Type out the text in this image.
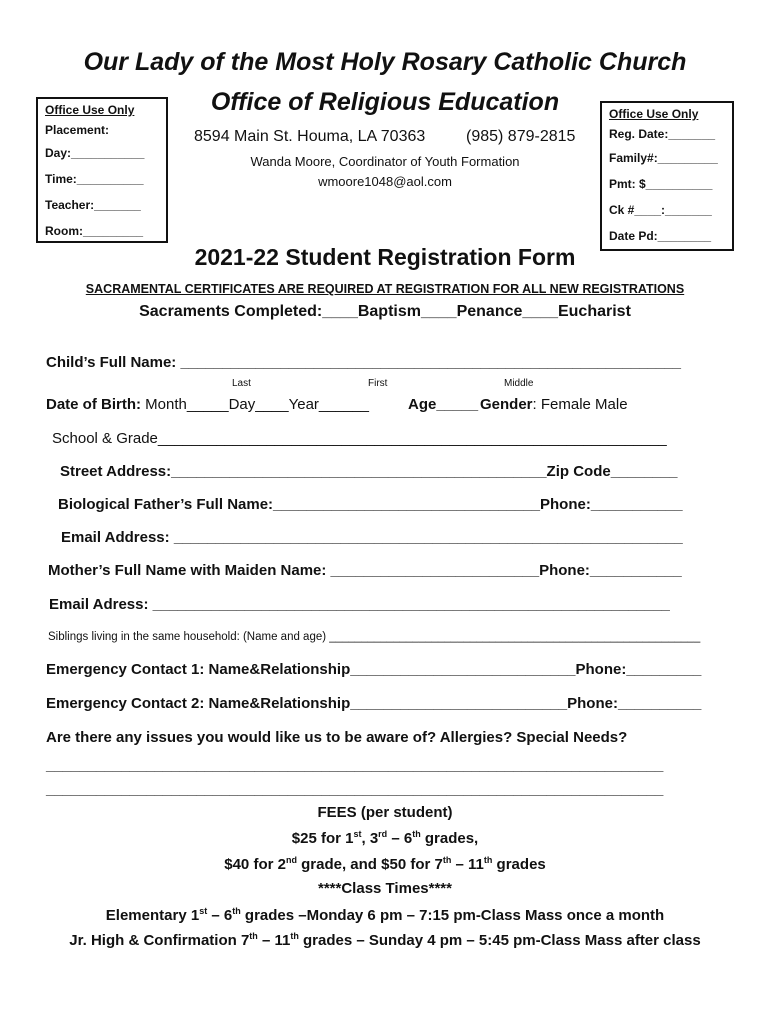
Our Lady of the Most Holy Rosary Catholic Church
Office of Religious Education
8594 Main St. Houma, LA 70363	(985) 879-2815
Wanda Moore, Coordinator of Youth Formation
wmoore1048@aol.com
Office Use Only
Placement:
Day:___________
Time:__________
Teacher:_______
Room:_________
Office Use Only
Reg. Date:_______
Family#:_________
Pmt: $__________
Ck #____:_______
Date Pd:________
2021-22 Student Registration Form
SACRAMENTAL CERTIFICATES ARE REQUIRED AT REGISTRATION FOR ALL NEW REGISTRATIONS
Sacraments Completed:____Baptism____Penance____Eucharist
Child’s Full Name: ____________________________________________________________
Last	First	Middle
Date of Birth: Month_____Day____Year______	Age_____ Gender: Female Male
School & Grade_____________________________________________________________
Street Address:_____________________________________________Zip Code________
Biological Father’s Full Name:________________________________Phone:___________
Email Address: _____________________________________________________________
Mother’s Full Name with Maiden Name: _________________________Phone:___________
Email Adress: ______________________________________________________________
Siblings living in the same household: (Name and age) __________________________________________________________
Emergency Contact 1: Name&Relationship___________________________Phone:_________
Emergency Contact 2: Name&Relationship__________________________Phone:__________
Are there any issues you would like us to be aware of? Allergies? Special Needs?
__________________________________________________________________________
__________________________________________________________________________
FEES (per student)
$25 for 1st, 3rd – 6th grades,
$40 for 2nd grade, and $50 for 7th – 11th grades
****Class Times****
Elementary 1st – 6th grades –Monday 6 pm – 7:15 pm-Class Mass once a month
Jr. High & Confirmation 7th – 11th grades – Sunday 4 pm – 5:45 pm-Class Mass after class
